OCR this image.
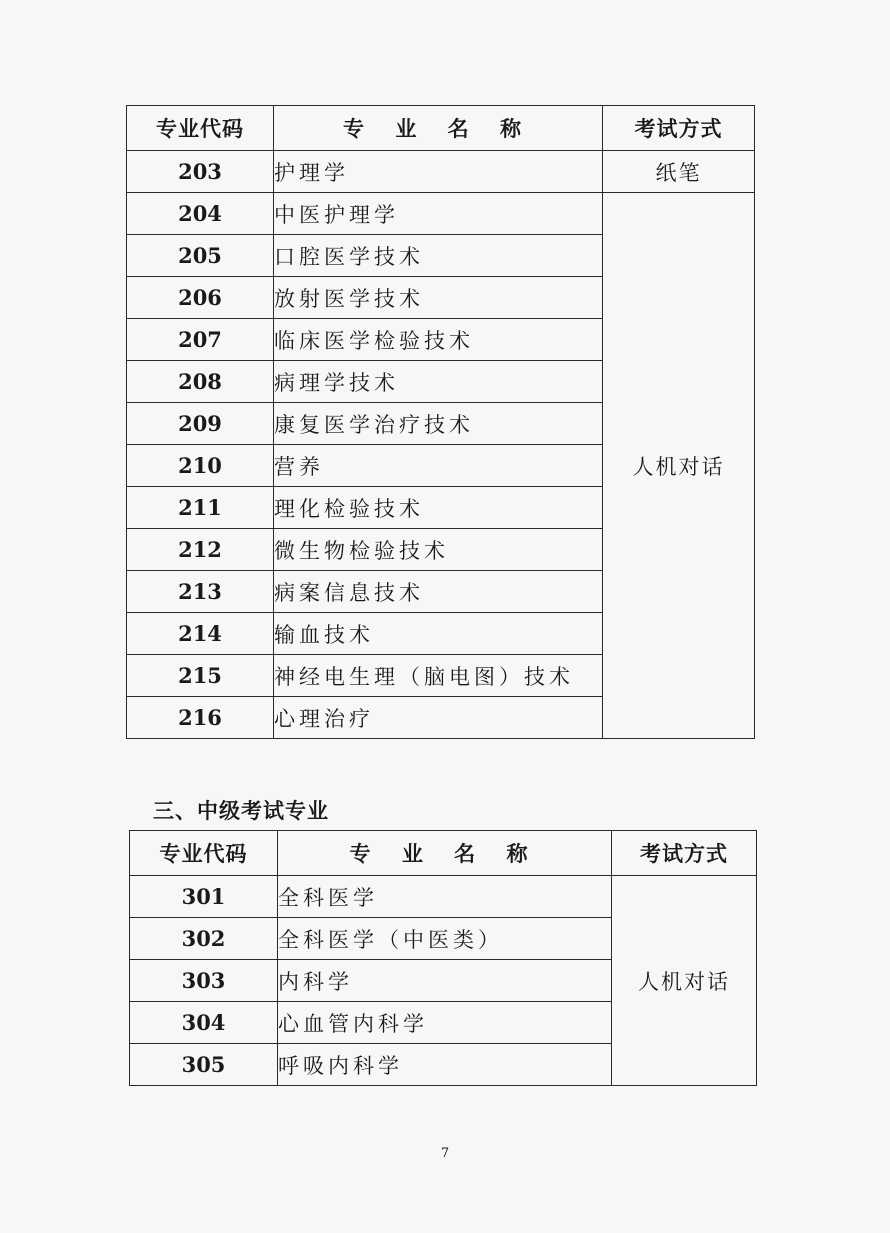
专业代码	专 业 名 称	考试方式
203	护理学	纸笔
204	中医护理学	人机对话
205	口腔医学技术	
206	放射医学技术	
207	临床医学检验技术	
208	病理学技术	
209	康复医学治疗技术	
210	营养	
211	理化检验技术	
212	微生物检验技术	
213	病案信息技术	
214	输血技术	
215	神经电生理（脑电图）技术	
216	心理治疗	
三、中级考试专业
专业代码	专 业 名 称	考试方式
301	全科医学	人机对话
302	全科医学（中医类）	
303	内科学	
304	心血管内科学	
305	呼吸内科学	
7
